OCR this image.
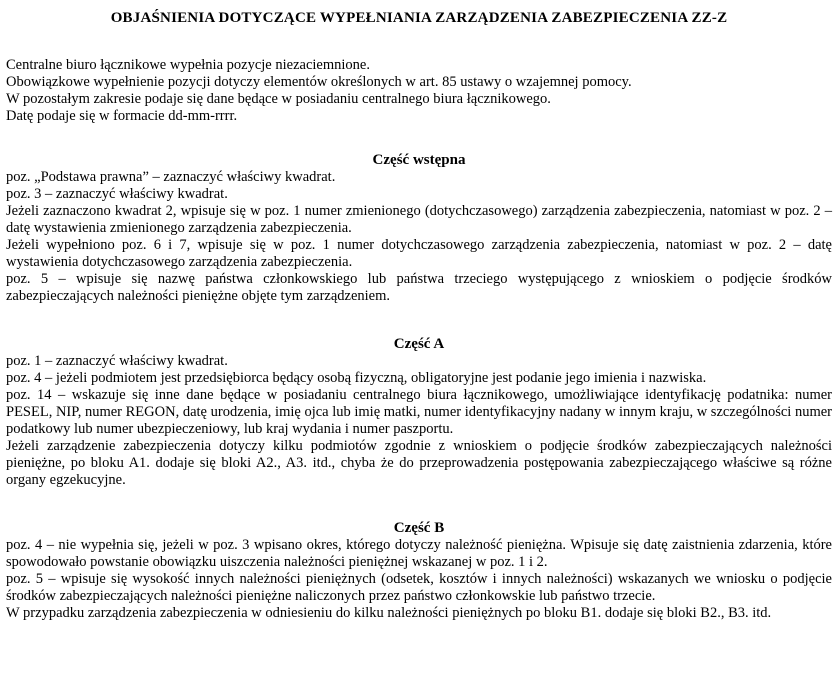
OBJAŚNIENIA DOTYCZĄCE WYPEŁNIANIA ZARZĄDZENIA ZABEZPIECZENIA ZZ-Z

Centralne biuro łącznikowe wypełnia pozycje niezaciemnione.

Obowiązkowe wypełnienie pozycji dotyczy elementów określonych w art. 85 ustawy o wzajemnej pomocy.

W pozostałym zakresie podaje się dane będące w posiadaniu centralnego biura łącznikowego.

Datę podaje się w formacie dd-mm-rrrr.

Część wstępna

poz. „Podstawa prawna” – zaznaczyć właściwy kwadrat.

poz. 3 – zaznaczyć właściwy kwadrat.

Jeżeli zaznaczono kwadrat 2, wpisuje się w poz. 1 numer zmienionego (dotychczasowego) zarządzenia zabezpieczenia, natomiast w poz. 2 – datę wystawienia zmienionego zarządzenia zabezpieczenia.

Jeżeli wypełniono poz. 6 i 7, wpisuje się w poz. 1 numer dotychczasowego zarządzenia zabezpieczenia, natomiast w poz. 2 – datę wystawienia dotychczasowego zarządzenia zabezpieczenia.

poz. 5 – wpisuje się nazwę państwa członkowskiego lub państwa trzeciego występującego z wnioskiem o podjęcie środków zabezpieczających należności pieniężne objęte tym zarządzeniem.

Część A

poz. 1 – zaznaczyć właściwy kwadrat.

poz. 4 – jeżeli podmiotem jest przedsiębiorca będący osobą fizyczną, obligatoryjne jest podanie jego imienia i nazwiska.

poz. 14 – wskazuje się inne dane będące w posiadaniu centralnego biura łącznikowego, umożliwiające identyfikację podatnika: numer PESEL, NIP, numer REGON, datę urodzenia, imię ojca lub imię matki, numer identyfikacyjny nadany w innym kraju, w szczególności numer podatkowy lub numer ubezpieczeniowy, lub kraj wydania i numer paszportu.

Jeżeli zarządzenie zabezpieczenia dotyczy kilku podmiotów zgodnie z wnioskiem o podjęcie środków zabezpieczających należności pieniężne, po bloku A1. dodaje się bloki A2., A3. itd., chyba że do przeprowadzenia postępowania zabezpieczającego właściwe są różne organy egzekucyjne.

Część B

poz. 4 – nie wypełnia się, jeżeli w poz. 3 wpisano okres, którego dotyczy należność pieniężna. Wpisuje się datę zaistnienia zdarzenia, które spowodowało powstanie obowiązku uiszczenia należności pieniężnej wskazanej w poz. 1 i 2.

poz. 5 – wpisuje się wysokość innych należności pieniężnych (odsetek, kosztów i innych należności) wskazanych we wniosku o podjęcie środków zabezpieczających należności pieniężne naliczonych przez państwo członkowskie lub państwo trzecie.

W przypadku zarządzenia zabezpieczenia w odniesieniu do kilku należności pieniężnych po bloku B1. dodaje się bloki B2., B3. itd.
